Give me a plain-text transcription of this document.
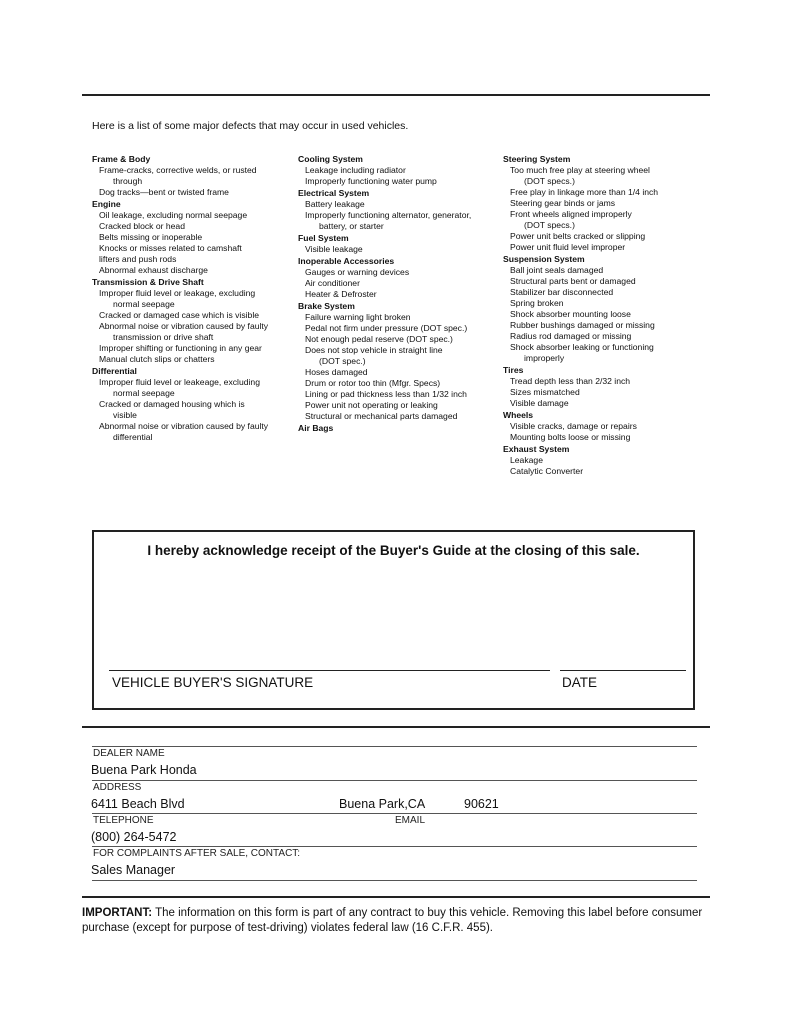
Here is a list of some major defects that may occur in used vehicles.
Frame & Body
Frame-cracks, corrective welds, or rusted
through
Dog tracks—bent or twisted frame
Engine
Oil leakage, excluding normal seepage
Cracked block or head
Belts missing or inoperable
Knocks or misses related to camshaft
lifters and push rods
Abnormal exhaust discharge
Transmission & Drive Shaft
Improper fluid level or leakage, excluding
normal seepage
Cracked or damaged case which is visible
Abnormal noise or vibration caused by faulty
transmission or drive shaft
Improper shifting or functioning in any gear
Manual clutch slips or chatters
Differential
Improper fluid level or leakeage, excluding
normal seepage
Cracked or damaged housing which is
visible
Abnormal noise or vibration caused by faulty
differential
Cooling System
Leakage including radiator
Improperly functioning water pump
Electrical System
Battery leakage
Improperly functioning alternator, generator,
battery, or starter
Fuel System
Visible leakage
Inoperable Accessories
Gauges or warning devices
Air conditioner
Heater & Defroster
Brake System
Failure warning light broken
Pedal not firm under pressure (DOT spec.)
Not enough pedal reserve (DOT spec.)
Does not stop vehicle in straight line
(DOT spec.)
Hoses damaged
Drum or rotor too thin (Mfgr. Specs)
Lining or pad thickness less than 1/32 inch
Power unit not operating or leaking
Structural or mechanical parts damaged
Air Bags
Steering System
Too much free play at steering wheel
(DOT specs.)
Free play in linkage more than 1/4 inch
Steering gear binds or jams
Front wheels aligned improperly
(DOT specs.)
Power unit belts cracked or slipping
Power unit fluid level improper
Suspension System
Ball joint seals damaged
Structural parts bent or damaged
Stabilizer bar disconnected
Spring broken
Shock absorber mounting loose
Rubber bushings damaged or missing
Radius rod damaged or missing
Shock absorber leaking or functioning
improperly
Tires
Tread depth less than 2/32 inch
Sizes mismatched
Visible damage
Wheels
Visible cracks, damage or repairs
Mounting bolts loose or missing
Exhaust System
Leakage
Catalytic Converter
I hereby acknowledge receipt of the Buyer's Guide at the closing of this sale.
VEHICLE BUYER'S SIGNATURE	DATE
DEALER NAME
Buena Park Honda
ADDRESS
6411 Beach Blvd	Buena Park,CA	90621
TELEPHONE	EMAIL
(800) 264-5472
FOR COMPLAINTS AFTER SALE, CONTACT:
Sales Manager
IMPORTANT: The information on this form is part of any contract to buy this vehicle. Removing this label before consumer purchase (except for purpose of test-driving) violates federal law (16 C.F.R. 455).
